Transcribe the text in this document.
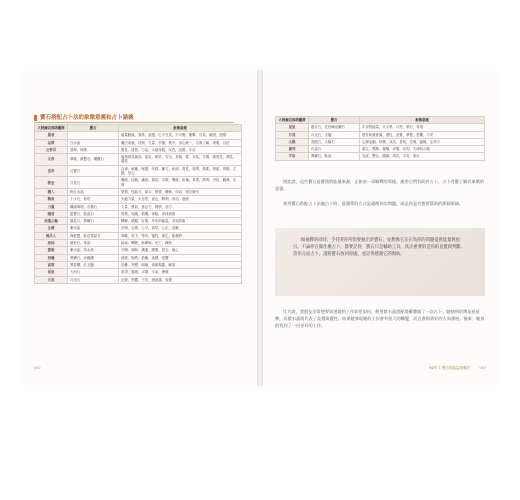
寶石搭配占卜法的象徵意義和占卜涵義
大阿爾克那塔羅牌	寶石	象徵意義
愚者		能量動能，奢侈，浪漫，心不在焉，不平衡，衝擊，自負，願望，感情
品牌	白水晶	魔法成就，控制，力量，平衡，集中，身心統一，自我了解，深奧，自信
女祭司	翡翠，珍珠	靈性，祕密，力量，大地母親，女性，直覺，宇宙
女帝	翠綠，綠寶石，橄欖石	能夠預見創造，富足，繁榮，安全，美貌，愛，女性，守護，感受性，感性，溫柔
皇帝	紅寶石	自律，威權，保護，安穩，權力，紀律，男性，領導，重要，勇敢，實際，主動，信心
教皇	月長石	權威，信賴，謙虛，寬容，宗教，傳統，祈禱，希望，教導，可信，勤務，宗教
戀人	粉紅水晶	愛情，性能力，結合，戀愛，關係，伴侶，相互吸引
戰車	十字石，琥珀	大地力量，大自然，意志，勝利，成功，進展
力量	纏絲瑪瑙，石榴石	力量，勇氣，意志力，熱情，活力
隱者	藍寶石，藍晶石	智慧，知識，孤獨，神秘，尋找真相
命運之輪	綠柱石，黑曜石	轉變，週期，好運，外在的能量，未知因素
正義	紫水晶	法律，合理，公平，真實，公正，清晰
倒吊人	海藍寶，藍色電氣石	奉獻，放下，等待，犧牲，重生，新視野
死神	綠松石，茶晶	結束，轉變，新開始，死亡，釋放
節制	紫水晶，黃水晶	平衡，調和，溝通，療癒，混合，耐心
惡魔	黑曜石，赤鐵礦	誘惑，物質，依賴，束縛，恐懼
高塔	黑碧璽，紅玉髓	災難，突變，崩壞，真相揭露，解放
星星	天河石	希望，靈感，平靜，宇宙，療癒
月亮	月光石	幻覺，恐懼，不安，潛意識，直覺
062
大阿爾克那塔羅牌	寶石	象徵意義
星星	藍紅石，托伯爾克蘭石	宇宙的能量，天文學，月亮，旅行，希望
月亮	月光石，玉髓	感性的潛意識，靈性，直覺，夢想，恐懼，不安
太陽	虎眼石，太陽石	心理活動，快樂，成功，喜悅，光明，溫暖，生命力
審判	孔雀石	重生，甦醒，覺醒，評價，宣判，天使的召喚
宇宙	黑曜石，鈦晶	完成，整合，圓滿，成功，宇宙，旅行

照此說，這些寶石是寶貴的能量來源，正如前一章解釋的那樣，運用它們有助於占卜，占卜者應了解其象徵的意義。

要用寶石搭配占卜法做占卜時，最簡單的方式是處理你的問題，或是你是否想要幫助的那個領域。

做抽牌的同時，手持著你所想要抽出的寶石，並想像它正在為你的問題提供能量與指引。不論你在做什麼占卜，都要記得，寶石只是輔助工具，真正重要的是你的直覺與判斷。當你完成占卜，請將寶石放回原處，並記得感謝它的幫助。

比方說，我朋友非常想要知道她的工作前景如何，便用紫水晶搭配塔羅牌做了一次占卜。她抽到的牌是星星牌，而紫水晶則代表了直覺與靈性。結果她發現她的工作會有很大的轉變，而且會朝著好的方向發展。後來，她真的找到了一份更好的工作。

PART 1 寶石的能量與魔法	063
